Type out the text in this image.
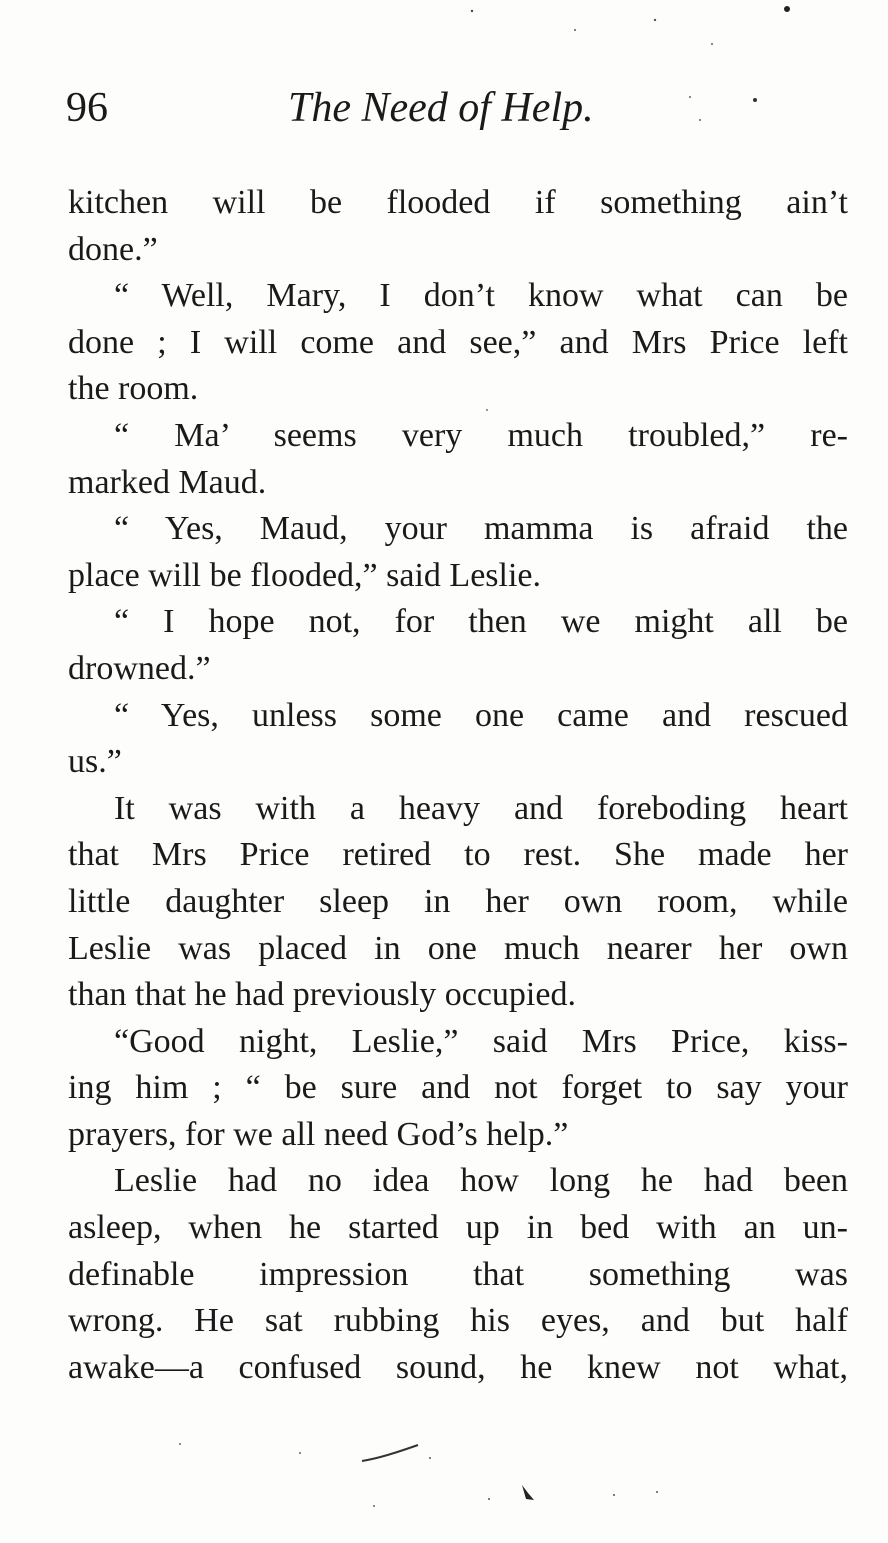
96	The Need of Help.
kitchen will be flooded if something ain’t
done.”
“ Well, Mary, I don’t know what can be
done ; I will come and see,” and Mrs Price left
the room.
“ Ma’ seems very much troubled,” re-
marked Maud.
“ Yes, Maud, your mamma is afraid the
place will be flooded,” said Leslie.
“ I hope not, for then we might all be
drowned.”
“ Yes, unless some one came and rescued
us.”
It was with a heavy and foreboding heart
that Mrs Price retired to rest. She made her
little daughter sleep in her own room, while
Leslie was placed in one much nearer her own
than that he had previously occupied.
“Good night, Leslie,” said Mrs Price, kiss-
ing him ; “ be sure and not forget to say your
prayers, for we all need God’s help.”
Leslie had no idea how long he had been
asleep, when he started up in bed with an un-
definable impression that something was
wrong. He sat rubbing his eyes, and but half
awake—a confused sound, he knew not what,
